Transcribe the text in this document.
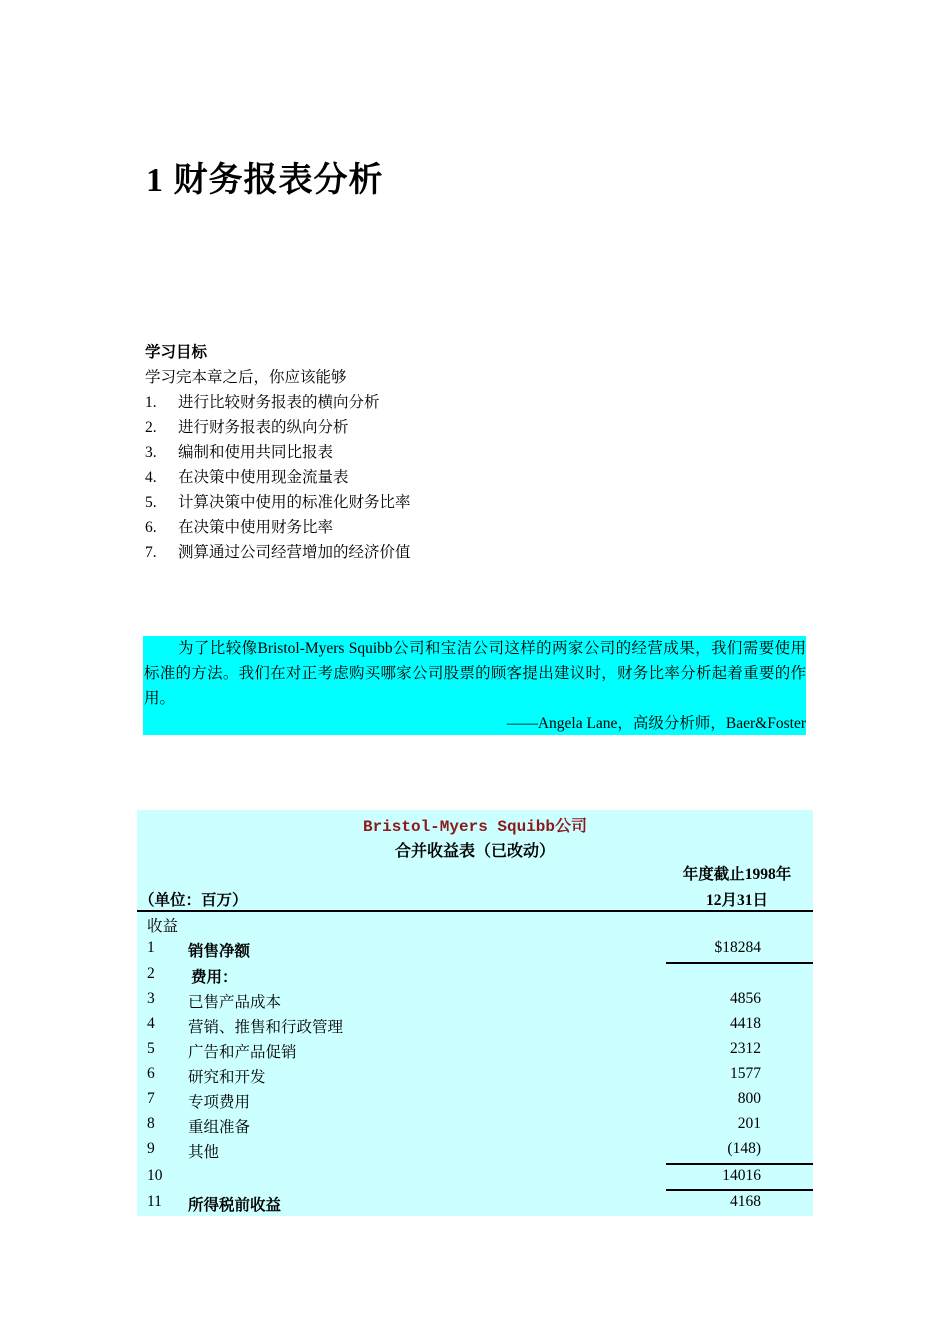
1 财务报表分析
学习目标
学习完本章之后，你应该能够
1.	进行比较财务报表的横向分析
2.	进行财务报表的纵向分析
3.	编制和使用共同比报表
4.	在决策中使用现金流量表
5.	计算决策中使用的标准化财务比率
6.	在决策中使用财务比率
7.	测算通过公司经营增加的经济价值

为了比较像Bristol-Myers Squibb公司和宝洁公司这样的两家公司的经营成果，我们需要使用标准的方法。我们在对正考虑购买哪家公司股票的顾客提出建议时，财务比率分析起着重要的作用。

——Angela Lane，高级分析师，Baer&Foster
Bristol-Myers Squibb公司
合并收益表（已改动）
年度截止1998年
12月31日
（单位：百万）
收益
1 销售净额	$18284
2 费用：
3 已售产品成本	4856
4 营销、推售和行政管理	4418
5 广告和产品促销	2312
6 研究和开发	1577
7 专项费用	800
8 重组准备	201
9 其他	(148)
10	14016
11 所得税前收益	4168
